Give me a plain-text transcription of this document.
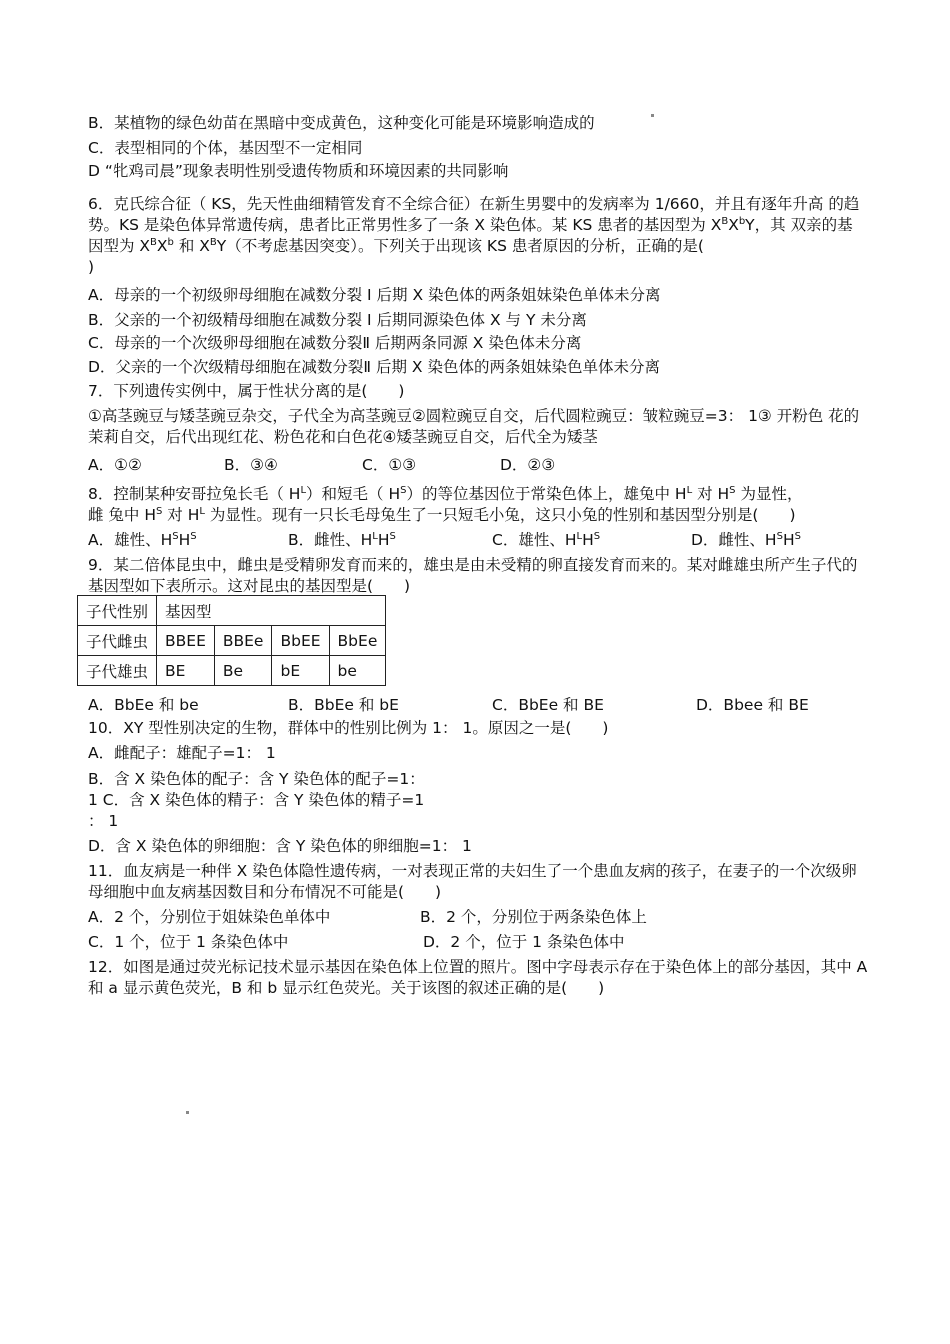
B．某植物的绿色幼苗在黑暗中变成黄色，这种变化可能是环境影响造成的
C．表型相同的个体，基因型不一定相同
D “牝鸡司晨”现象表明性别受遗传物质和环境因素的共同影响
6．克氏综合征（ KS，先天性曲细精管发育不全综合征）在新生男婴中的发病率为 1/660，并且有逐年升高 的趋势。KS 是染色体异常遗传病，患者比正常男性多了一条 X 染色体。某 KS 患者的基因型为 $X^BX^bY$，其 双亲的基因型为 $X^BX^b$ 和 $X^BY$（不考虑基因突变）。下列关于出现该 KS 患者原因的分析，正确的是(
)
A．母亲的一个初级卵母细胞在减数分裂 I 后期 X 染色体的两条姐妹染色单体未分离
B．父亲的一个初级精母细胞在减数分裂 I 后期同源染色体 X 与 Y 未分离
C．母亲的一个次级卵母细胞在减数分裂Ⅱ 后期两条同源 X 染色体未分离
D．父亲的一个次级精母细胞在减数分裂Ⅱ 后期 X 染色体的两条姐妹染色单体未分离
7．下列遗传实例中，属于性状分离的是(　　)
①高茎豌豆与矮茎豌豆杂交，子代全为高茎豌豆②圆粒豌豆自交，后代圆粒豌豆：皱粒豌豆=3： 1③ 开粉色 花的茉莉自交，后代出现红花、粉色花和白色花④矮茎豌豆自交，后代全为矮茎
A．①②	B．③④	C．①③	D．②③
8．控制某种安哥拉兔长毛（ $H^L$）和短毛（ $H^S$）的等位基因位于常染色体上，雄兔中 $H^L$ 对 $H^S$ 为显性，
雌 兔中 $H^S$ 对 $H^L$ 为显性。现有一只长毛母兔生了一只短毛小兔，这只小兔的性别和基因型分别是(　　)
A．雄性、$H^SH^S$	B．雌性、$H^LH^S$	C．雄性、$H^LH^S$	D．雌性、$H^SH^S$
9．某二倍体昆虫中，雌虫是受精卵发育而来的，雄虫是由未受精的卵直接发育而来的。某对雌雄虫所产生子代的基因型如下表所示。这对昆虫的基因型是(　　)
子代性别	基因型			
子代雌虫	BBEE	BBEe	BbEE	BbEe
子代雄虫	BE	Be	bE	be
A．BbEe 和 be	B．BbEe 和 bE	C．BbEe 和 BE	D．Bbee 和 BE
10．XY 型性别决定的生物，群体中的性别比例为 1： 1。原因之一是(　　)
A．雌配子：雄配子=1： 1
B．含 X 染色体的配子：含 Y 染色体的配子=1：
1 C．含 X 染色体的精子：含 Y 染色体的精子=1
： 1
D．含 X 染色体的卵细胞：含 Y 染色体的卵细胞=1： 1
11．血友病是一种伴 X 染色体隐性遗传病，一对表现正常的夫妇生了一个患血友病的孩子，在妻子的一个次级卵母细胞中血友病基因数目和分布情况不可能是(　　)
A．2 个，分别位于姐妹染色单体中	B．2 个，分别位于两条染色体上
C．1 个，位于 1 条染色体中	D．2 个，位于 1 条染色体中
12．如图是通过荧光标记技术显示基因在染色体上位置的照片。图中字母表示存在于染色体上的部分基因，其中 A 和 a 显示黄色荧光，B 和 b 显示红色荧光。关于该图的叙述正确的是(　　)
